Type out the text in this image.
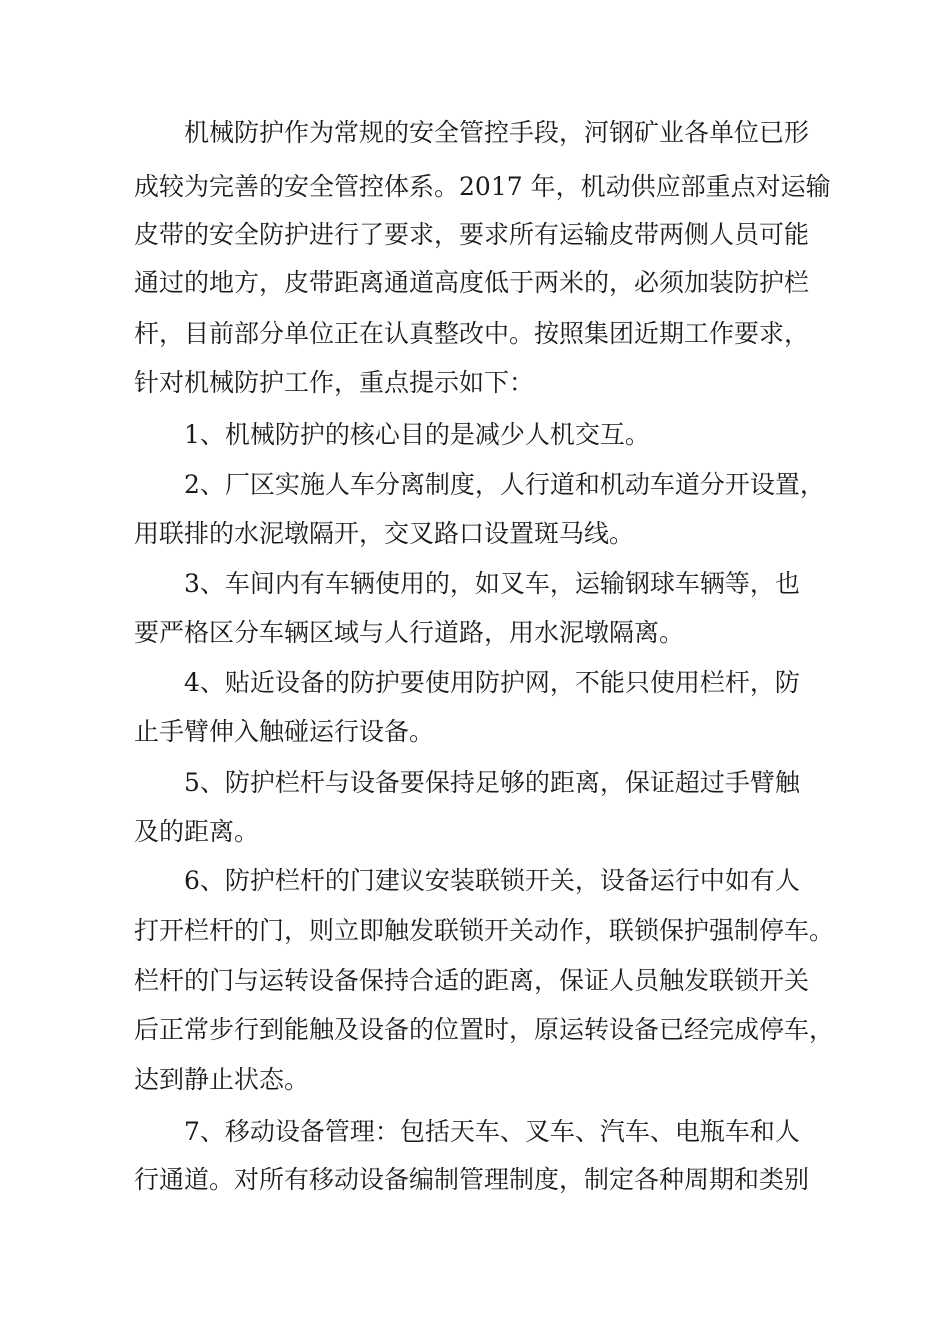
机械防护作为常规的安全管控手段，河钢矿业各单位已形
成较为完善的安全管控体系。2017 年，机动供应部重点对运输
皮带的安全防护进行了要求，要求所有运输皮带两侧人员可能
通过的地方，皮带距离通道高度低于两米的，必须加装防护栏
杆，目前部分单位正在认真整改中。按照集团近期工作要求，
针对机械防护工作，重点提示如下：
1、机械防护的核心目的是减少人机交互。
2、厂区实施人车分离制度，人行道和机动车道分开设置，
用联排的水泥墩隔开，交叉路口设置斑马线。
3、车间内有车辆使用的，如叉车，运输钢球车辆等，也
要严格区分车辆区域与人行道路，用水泥墩隔离。
4、贴近设备的防护要使用防护网，不能只使用栏杆，防
止手臂伸入触碰运行设备。
5、防护栏杆与设备要保持足够的距离，保证超过手臂触
及的距离。
6、防护栏杆的门建议安装联锁开关，设备运行中如有人
打开栏杆的门，则立即触发联锁开关动作，联锁保护强制停车。
栏杆的门与运转设备保持合适的距离，保证人员触发联锁开关
后正常步行到能触及设备的位置时，原运转设备已经完成停车，
达到静止状态。
7、移动设备管理：包括天车、叉车、汽车、电瓶车和人
行通道。对所有移动设备编制管理制度，制定各种周期和类别
